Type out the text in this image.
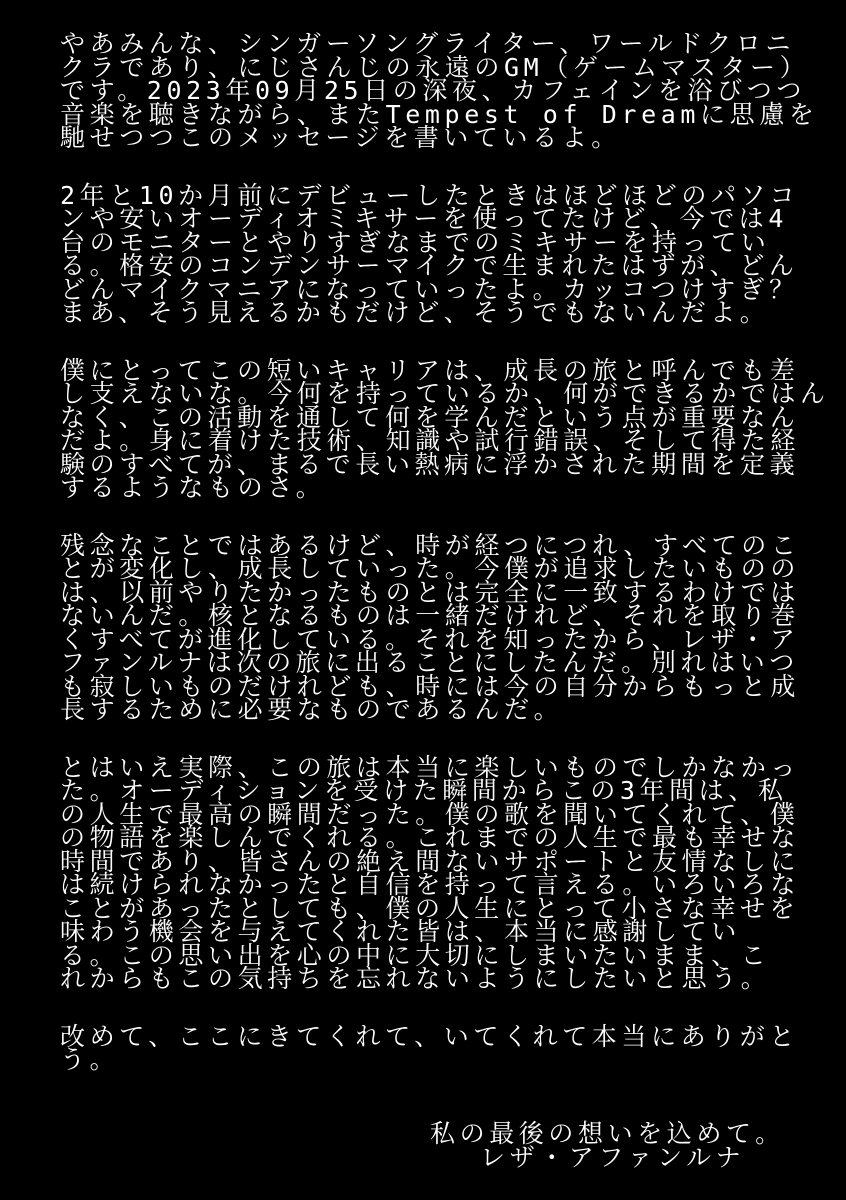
やあみんな、シンガーソングライター、ワールドクロニ
クラであり、にじさんじの永遠のGM（ゲームマスター）
です。2023年09月25日の深夜、カフェインを浴びつつ
音楽を聴きながら、またTempest of Dreamに思慮を
馳せつつこのメッセージを書いているよ。

2年と10か月前にデビューしたときはほどほどのパソコ
ンや安いオーディオミキサーを使ってたけど、今では4
台のモニターとやりすぎなまでのミキサーを持ってい
る。格安のコンデンサーマイクで生まれたはずが、どん
どんマイクマニアになっていったよ。カッコつけすぎ？
まあ、そう見えるかもだけど、そうでもないんだよ。

僕にとってこの短いキャリアは、成長の旅と呼んでも差
し支えないな。今何を持っているか、何ができるかではん
なく、この活動を通して何を学んだという点が重要なん
だよ。身に着けた技術、知識や試行錯誤、そして得た経
験のすべてが、まるで長い熱病に浮かされた期間を定義
するようなものさ。

残念なことではあるけど、時が経つにつれ、すべてのこ
とが変化し、成長していった。今僕が追求したいものの
は、以前やりたかったものとは完全に一致するわけでは
ないんだ。核となるものは一緒だけれど、それを取り巻
くすべてが進化している。それを知ったから、レザ・ア
ファンルナは次の旅に出ることにしたんだ。別れはいつ
も寂しいものだけれども、時には今の自分からもっと成
長するために必要なものであるんだ。

とはいえ実際、この旅は本当に楽しいものでしかなかっ
た。オーディションを受けた瞬間からこの3年間は、私
の人生で最高の瞬間だった。僕の歌を聞いてくれて、僕
の物語を楽しんでくれる。これまでの人生で最も幸せな
時間であり、皆さんの絶え間ないサポートと友情なしに
は続けられなかったと自信を持って言える。いろいろな
ことがあったとしても、僕の人生にとって小さな幸せを
味わう機会を与えてくれた皆は、本当に感謝してい
る。この思い出を心の中に大切にしまいたいまま、こ
れからもこの気持ちを忘れないようにしたいと思う。

改めて、ここにきてくれて、いてくれて本当にありがと
う。

私の最後の想いを込めて。
レザ・アファンルナ
